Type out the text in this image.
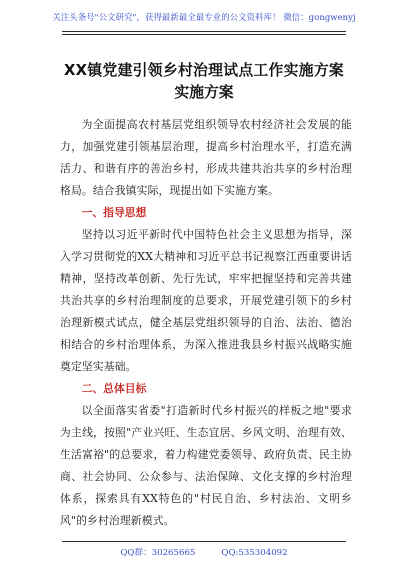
关注头条号"公文研究"，获得最新最全最专业的公文资料库！ 微信：gongwenyj
XX镇党建引领乡村治理试点工作实施方案
实施方案

为全面提高农村基层党组织领导农村经济社会发展的能力，加强党建引领基层治理，提高乡村治理水平，打造充满活力、和谐有序的善治乡村，形成共建共治共享的乡村治理格局。结合我镇实际，现提出如下实施方案。

一、指导思想

坚持以习近平新时代中国特色社会主义思想为指导，深入学习贯彻党的XX大精神和习近平总书记视察江西重要讲话精神，坚持改革创新、先行先试，牢牢把握坚持和完善共建共治共享的乡村治理制度的总要求，开展党建引领下的乡村治理新模式试点，健全基层党组织领导的自治、法治、德治相结合的乡村治理体系，为深入推进我县乡村振兴战略实施奠定坚实基础。

二、总体目标

以全面落实省委"打造新时代乡村振兴的样板之地"要求为主线，按照"产业兴旺、生态宜居、乡风文明、治理有效、生活富裕"的总要求，着力构建党委领导、政府负责、民主协商、社会协同、公众参与、法治保障、文化支撑的乡村治理体系，探索具有XX特色的"村民自治、乡村法治、文明乡风"的乡村治理新模式。

QQ群：30265665	QQ:535304092
